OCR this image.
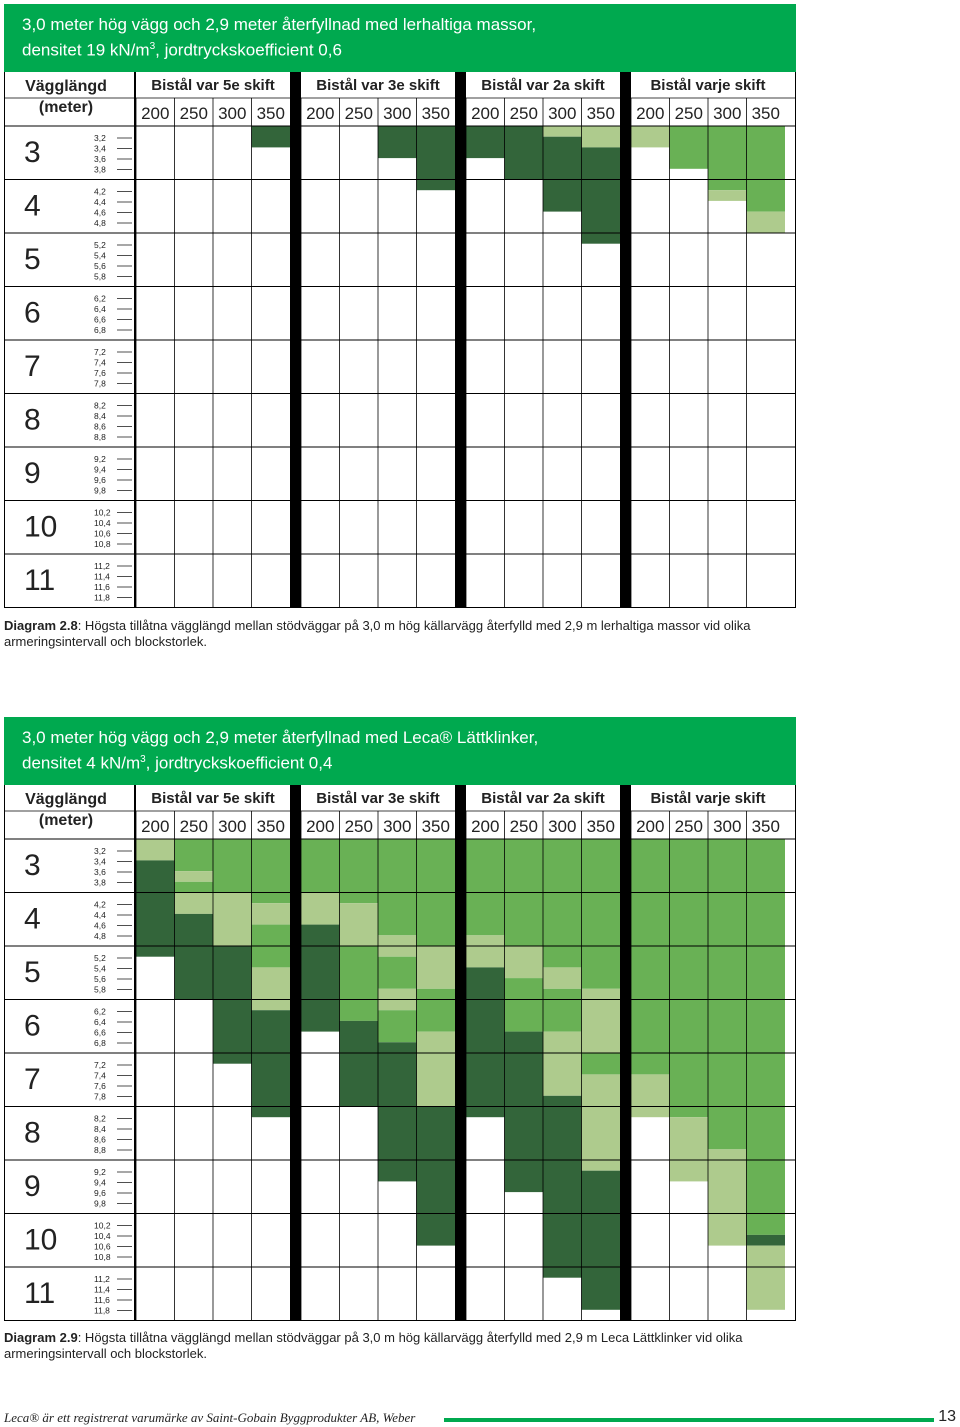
3,0 meter hög vägg och 2,9 meter återfyllnad med lerhaltiga massor,
densitet 19 $kN/m^3$, jordtryckskoefficient 0,6
Bistål var 5e skift
200 250 300 350
Bistål var 3e skift
200 250 300 350
Bistål var 2a skift
200 250 300 350
Bistål varje skift
200 250 300 350
Vägglängd
(meter)
3	3,2
3,4
3,6
3,8
4	4,2
4,4
4,6
4,8
5	5,2
5,4
5,6
5,8
6	6,2
6,4
6,6
6,8
7	7,2
7,4
7,6
7,8
8	8,2
8,4
8,6
8,8
9	9,2
9,4
9,6
9,8
10	10,2
10,4
10,6
10,8
11	11,2
11,4
11,6
11,8
Diagram 2.8: Högsta tillåtna vägglängd mellan stödväggar på 3,0 m hög källarvägg återfylld med 2,9 m lerhaltiga massor vid olika armeringsintervall och blockstorlek.
3,0 meter hög vägg och 2,9 meter återfyllnad med Leca® Lättklinker,
densitet 4 $kN/m^3$, jordtryckskoefficient 0,4
Bistål var 5e skift
200 250 300 350
Bistål var 3e skift
200 250 300 350
Bistål var 2a skift
200 250 300 350
Bistål varje skift
200 250 300 350
Vägglängd
(meter)
3	3,2
3,4
3,6
3,8
4	4,2
4,4
4,6
4,8
5	5,2
5,4
5,6
5,8
6	6,2
6,4
6,6
6,8
7	7,2
7,4
7,6
7,8
8	8,2
8,4
8,6
8,8
9	9,2
9,4
9,6
9,8
10	10,2
10,4
10,6
10,8
11	11,2
11,4
11,6
11,8
Diagram 2.9: Högsta tillåtna vägglängd mellan stödväggar på 3,0 m hög källarvägg återfylld med 2,9 m Leca Lättklinker vid olika armeringsintervall och blockstorlek.
Leca® är ett registrerat varumärke av Saint-Gobain Byggprodukter AB, Weber	13
